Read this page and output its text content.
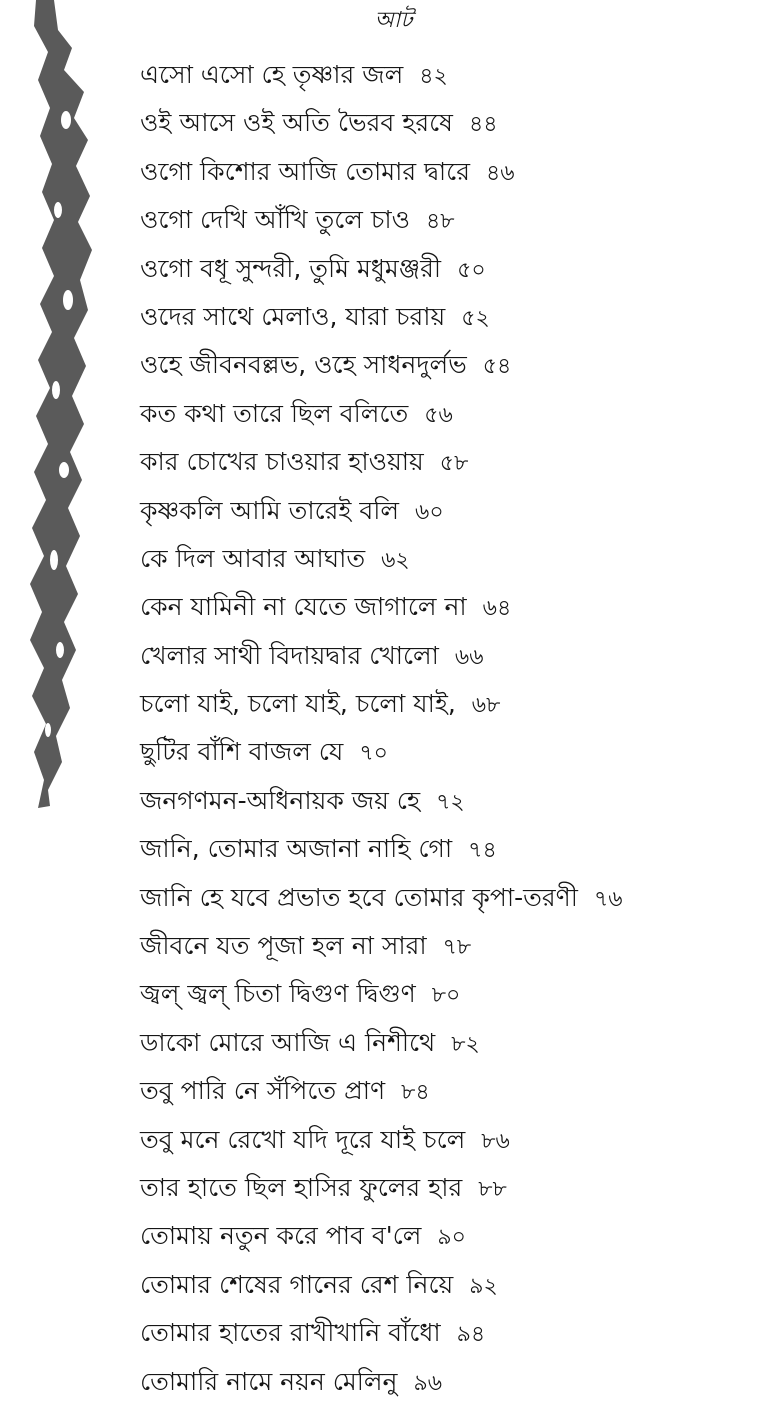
আট
এসো এসো হে তৃষ্ণার জল ৪২
ওই আসে ওই অতি ভৈরব হরষে ৪৪
ওগো কিশোর আজি তোমার দ্বারে ৪৬
ওগো দেখি আঁখি তুলে চাও ৪৮
ওগো বধূ সুন্দরী, তুমি মধুমঞ্জরী ৫০
ওদের সাথে মেলাও, যারা চরায় ৫২
ওহে জীবনবল্লভ, ওহে সাধনদুর্লভ ৫৪
কত কথা তারে ছিল বলিতে ৫৬
কার চোখের চাওয়ার হাওয়ায় ৫৮
কৃষ্ণকলি আমি তারেই বলি ৬০
কে দিল আবার আঘাত ৬২
কেন যামিনী না যেতে জাগালে না ৬৪
খেলার সাথী বিদায়দ্বার খোলো ৬৬
চলো যাই, চলো যাই, চলো যাই, ৬৮
ছুটির বাঁশি বাজল যে ৭০
জনগণমন-অধিনায়ক জয় হে ৭২
জানি, তোমার অজানা নাহি গো ৭৪
জানি হে যবে প্রভাত হবে তোমার কৃপা-তরণী ৭৬
জীবনে যত পূজা হল না সারা ৭৮
জ্বল্‌ জ্বল্‌ চিতা দ্বিগুণ দ্বিগুণ ৮০
ডাকো মোরে আজি এ নিশীথে ৮২
তবু পারি নে সঁপিতে প্রাণ ৮৪
তবু মনে রেখো যদি দূরে যাই চলে ৮৬
তার হাতে ছিল হাসির ফুলের হার ৮৮
তোমায় নতুন করে পাব ব'লে ৯০
তোমার শেষের গানের রেশ নিয়ে ৯২
তোমার হাতের রাখীখানি বাঁধো ৯৪
তোমারি নামে নয়ন মেলিনু ৯৬
